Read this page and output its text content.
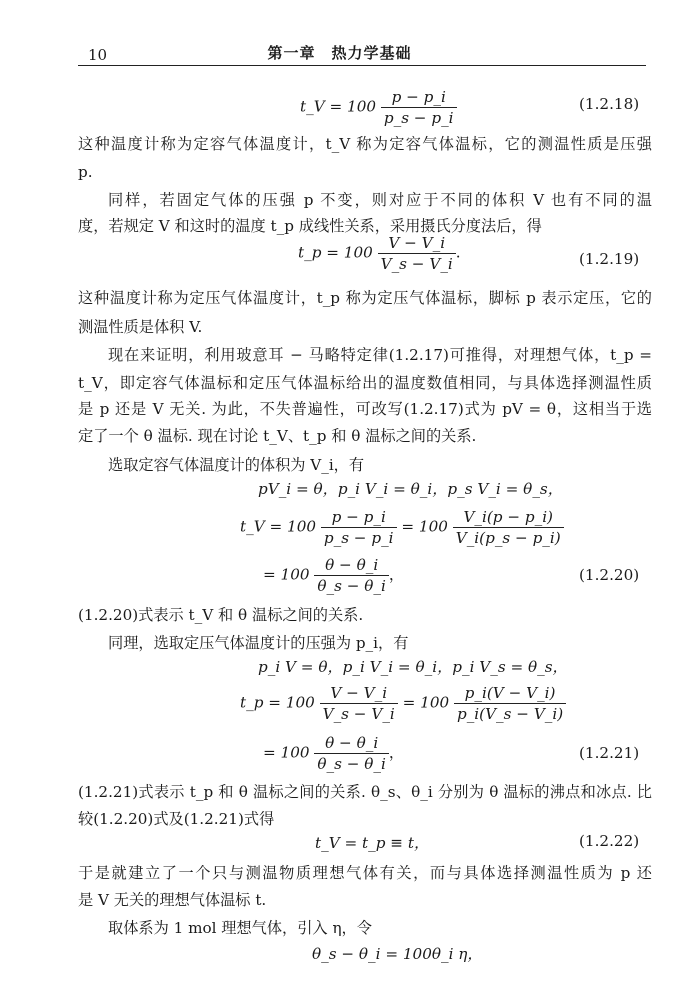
10	第一章　热力学基础
t_V = $100 \frac{p - p\_i}{p\_s - p\_i}$	(1.2.18)
这种温度计称为定容气体温度计，t_V 称为定容气体温标，它的测温性质是压强
p.
同样，若固定气体的压强 p 不变，则对应于不同的体积 V 也有不同的温
度，若规定 V 和这时的温度 t_p 成线性关系，采用摄氏分度法后，得
t_p = $100 \frac{V - V\_i}{V\_s - V\_i}$ .	(1.2.19)
这种温度计称为定压气体温度计，t_p 称为定压气体温标，脚标 p 表示定压，它的
测温性质是体积 V.
现在来证明，利用玻意耳 − 马略特定律(1.2.17)可推得，对理想气体，t_p =
t_V，即定容气体温标和定压气体温标给出的温度数值相同，与具体选择测温性质
是 p 还是 V 无关. 为此，不失普遍性，可改写(1.2.17)式为 pV = θ，这相当于选
定了一个 θ 温标. 现在讨论 t_V、t_p 和 θ 温标之间的关系.
选取定容气体温度计的体积为 V_i，有
pV_i = θ，p_i V_i = θ_i，p_s V_i = θ_s，
t_V = $100 \frac{p - p\_i}{p\_s - p\_i} = 100 \frac{V\_i(p - p\_i)}{V\_i(p\_s - p\_i)}$
= $100 \frac{\theta - \theta\_i}{\theta\_s - \theta\_i}$ ，	(1.2.20)
(1.2.20)式表示 t_V 和 θ 温标之间的关系.
同理，选取定压气体温度计的压强为 p_i，有
p_i V = θ，p_i V_i = θ_i，p_i V_s = θ_s，
t_p = $100 \frac{V - V\_i}{V\_s - V\_i} = 100 \frac{p\_i(V - V\_i)}{p\_i(V\_s - V\_i)}$
= $100 \frac{\theta - \theta\_i}{\theta\_s - \theta\_i}$ ，	(1.2.21)
(1.2.21)式表示 t_p 和 θ 温标之间的关系. θ_s、θ_i 分别为 θ 温标的沸点和冰点. 比
较(1.2.20)式及(1.2.21)式得
t_V = t_p ≡ t，	(1.2.22)
于是就建立了一个只与测温物质理想气体有关，而与具体选择测温性质为 p 还
是 V 无关的理想气体温标 t.
取体系为 1 mol 理想气体，引入 η，令
θ_s − θ_i = 100θ_i η，
